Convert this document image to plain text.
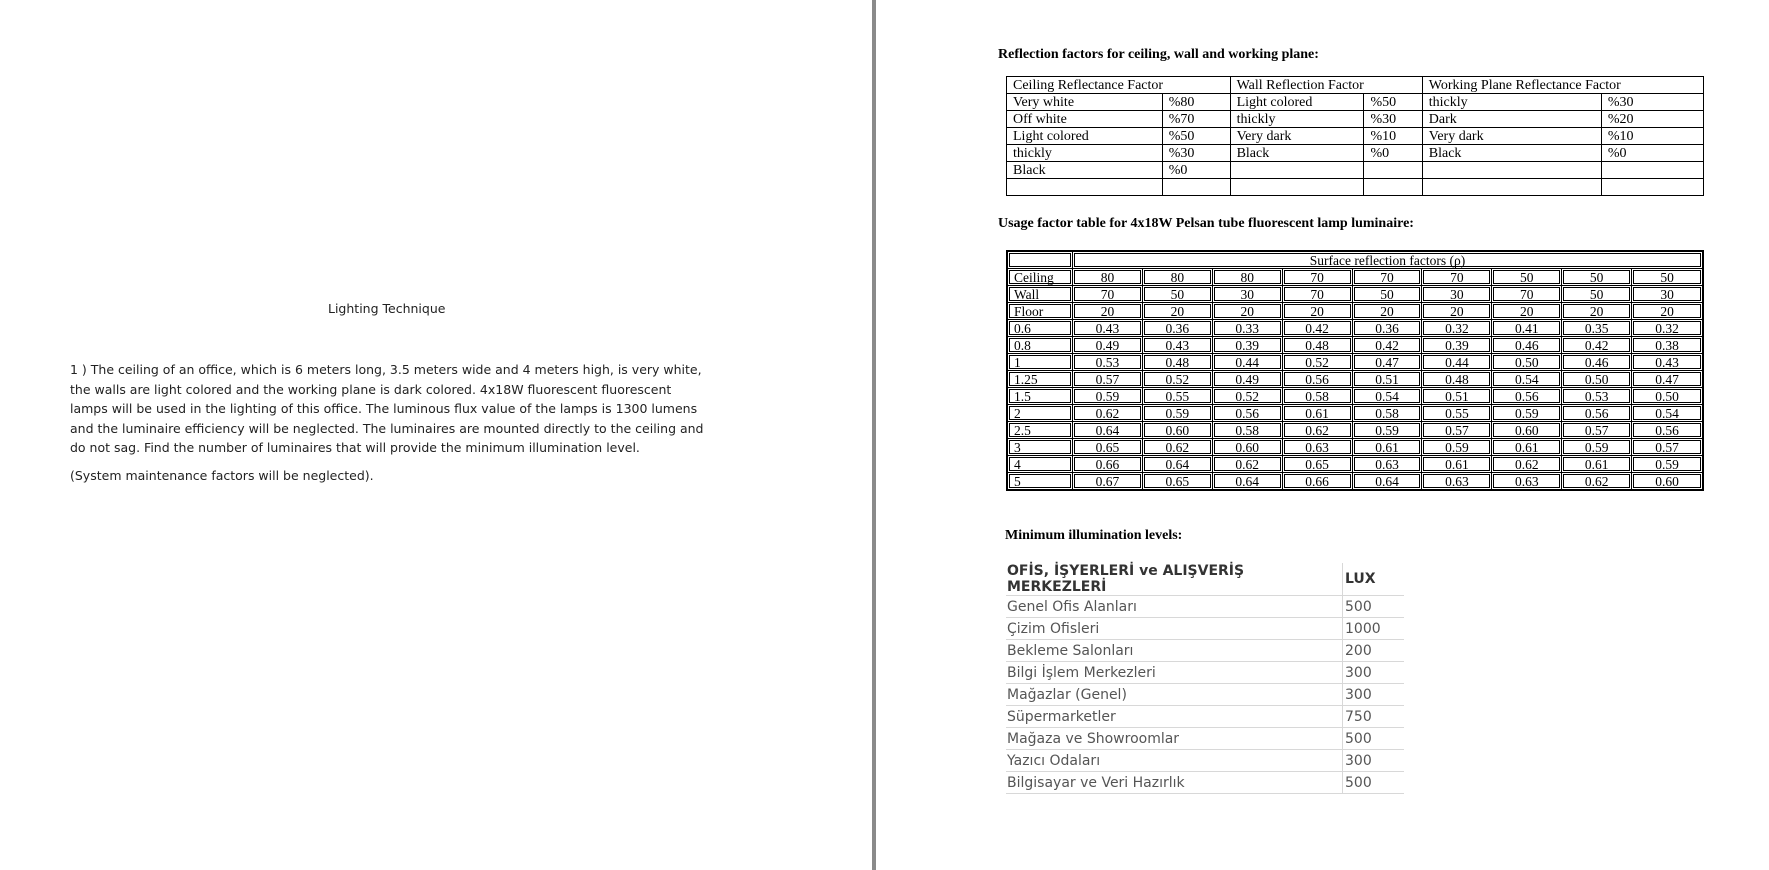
Lighting Technique
1 ) The ceiling of an office, which is 6 meters long, 3.5 meters wide and 4 meters high, is very white, the walls are light colored and the working plane is dark colored. 4x18W fluorescent fluorescent lamps will be used in the lighting of this office. The luminous flux value of the lamps is 1300 lumens and the luminaire efficiency will be neglected. The luminaires are mounted directly to the ceiling and do not sag. Find the number of luminaires that will provide the minimum illumination level.
(System maintenance factors will be neglected).
Reflection factors for ceiling, wall and working plane:
Ceiling Reflectance Factor		Wall Reflection Factor		Working Plane Reflectance Factor	
Very white	%80	Light colored	%50	thickly	%30
Off white	%70	thickly	%30	Dark	%20
Light colored	%50	Very dark	%10	Very dark	%10
thickly	%30	Black	%0	Black	%0
Black	%0				

Usage factor table for 4x18W Pelsan tube fluorescent lamp luminaire:
	Surface reflection factors (ρ)								
Ceiling	80	80	80	70	70	70	50	50	50
Wall	70	50	30	70	50	30	70	50	30
Floor	20	20	20	20	20	20	20	20	20
0.6	0.43	0.36	0.33	0.42	0.36	0.32	0.41	0.35	0.32
0.8	0.49	0.43	0.39	0.48	0.42	0.39	0.46	0.42	0.38
1	0.53	0.48	0.44	0.52	0.47	0.44	0.50	0.46	0.43
1.25	0.57	0.52	0.49	0.56	0.51	0.48	0.54	0.50	0.47
1.5	0.59	0.55	0.52	0.58	0.54	0.51	0.56	0.53	0.50
2	0.62	0.59	0.56	0.61	0.58	0.55	0.59	0.56	0.54
2.5	0.64	0.60	0.58	0.62	0.59	0.57	0.60	0.57	0.56
3	0.65	0.62	0.60	0.63	0.61	0.59	0.61	0.59	0.57
4	0.66	0.64	0.62	0.65	0.63	0.61	0.62	0.61	0.59
5	0.67	0.65	0.64	0.66	0.64	0.63	0.63	0.62	0.60
Minimum illumination levels:
OFİS, İŞYERLERİ ve ALIŞVERİŞ MERKEZLERİ	LUX
Genel Ofis Alanları	500
Çizim Ofisleri	1000
Bekleme Salonları	200
Bilgi İşlem Merkezleri	300
Mağazlar (Genel)	300
Süpermarketler	750
Mağaza ve Showroomlar	500
Yazıcı Odaları	300
Bilgisayar ve Veri Hazırlık	500
